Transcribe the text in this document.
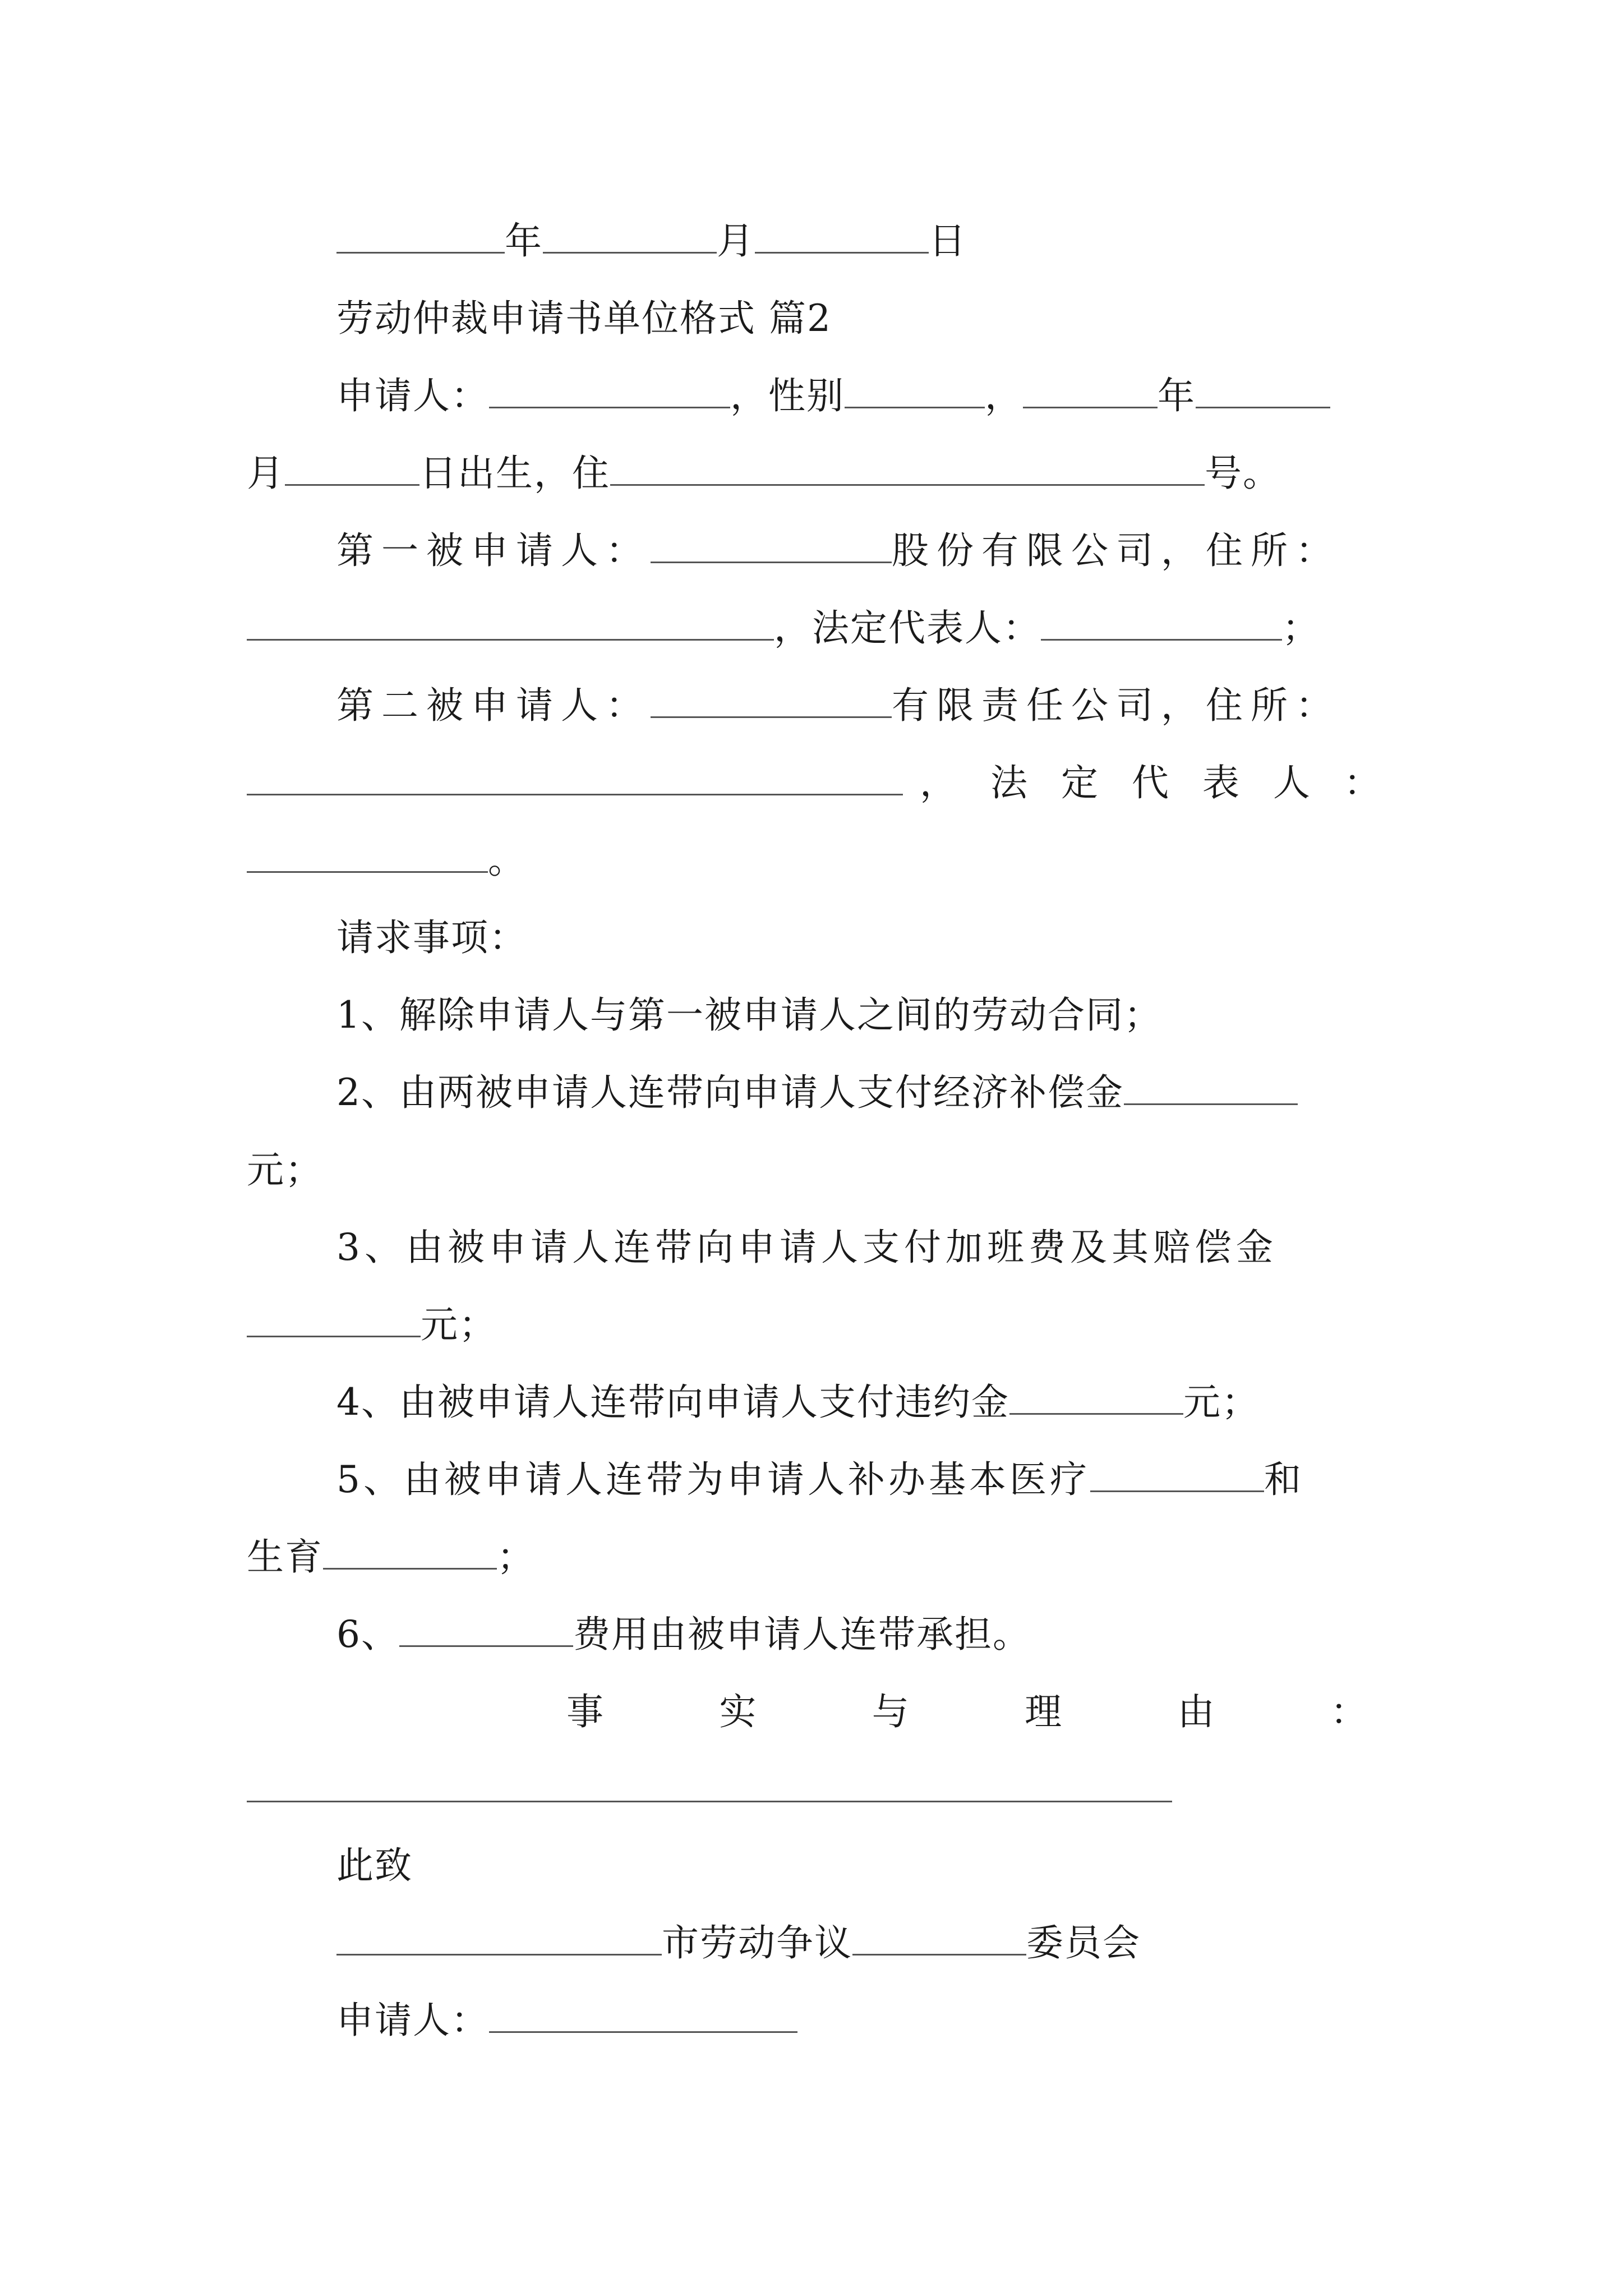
年	月	日
劳动仲裁申请书单位格式 篇2
申请人：	，性别	，	年
月	日出生，住	号。
第一被申请人：	股份有限公司，住所：
，法定代表人：	；
第二被申请人：	有限责任公司，住所：
，法定代表人：
。
请求事项：
1、解除申请人与第一被申请人之间的劳动合同；
2、由两被申请人连带向申请人支付经济补偿金
元；
3、由被申请人连带向申请人支付加班费及其赔偿金
元；
4、由被申请人连带向申请人支付违约金	元；
5、由被申请人连带为申请人补办基本医疗	和
生育	；
6、	费用由被申请人连带承担。
事	实	与	理	由	：
此致
市劳动争议	委员会
申请人：
